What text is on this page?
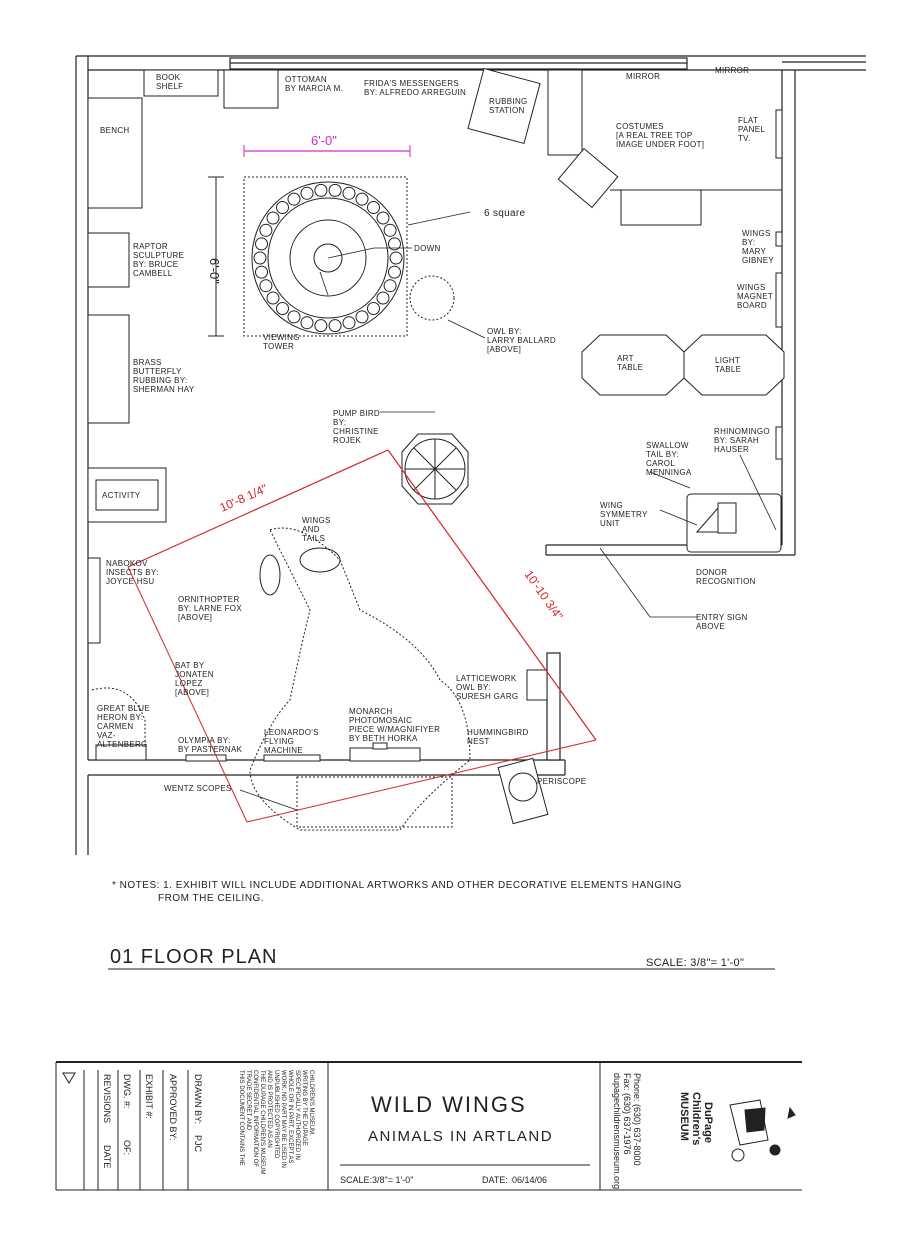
BOOK SHELF
OTTOMAN BY MARCIA M.
FRIDA'S MESSENGERS BY: ALFREDO ARREGUIN
RUBBING STATION
MIRROR
MIRROR
BENCH	COSTUMES [A REAL TREE TOP IMAGE UNDER FOOT]
FLAT PANEL TV.
6 square
DOWN
RAPTOR SCULPTURE BY: BRUCE CAMBELL
WINGS BY: MARY GIBNEY
WINGS MAGNET BOARD
OWL BY: LARRY BALLARD [ABOVE]
VIEWING TOWER
BRASS BUTTERFLY RUBBING BY: SHERMAN HAY
ART TABLE
LIGHT TABLE
PUMP BIRD BY: CHRISTINE ROJEK
RHINOMINGO BY: SARAH HAUSER
SWALLOW TAIL BY: CAROL MENNINGA
ACTIVITY
WING SYMMETRY UNIT
WINGS AND TAILS
NABOKOV INSECTS BY: JOYCE HSU
DONOR RECOGNITION
ORNITHOPTER BY: LARNE FOX [ABOVE]	ENTRY SIGN ABOVE
BAT BY JONATEN LOPEZ [ABOVE]
LATTICEWORK OWL BY: SURESH GARG
GREAT BLUE HERON BY: CARMEN VAZ-ALTENBERG
MONARCH PHOTOMOSAIC PIECE W/MAGNIFIYER BY BETH HORKA
LEONARDO'S FLYING MACHINE
OLYMPIA BY: BY PASTERNAK
HUMMINGBIRD NEST
WENTZ SCOPES
PERISCOPE
6'-0"
6'-0"
10'-8 1/4"
10'-10 3/4"
* NOTES: 1. EXHIBIT WILL INCLUDE ADDITIONAL ARTWORKS AND OTHER DECORATIVE ELEMENTS HANGING
FROM THE CEILING.
01 FLOOR PLAN	SCALE: 3/8"= 1'-0"
REVISIONS
DATE
DWG. #:
OF:
EXHIBIT #: APPROVED BY: DRAWN BY:
PJC	THIS DOCUMENT CONTAINS THETRADE SECRET ANDCONFIDENTIAL INFORMATION OFTHE DUPAGE CHILDREN'S MUSEUMAND IS PROTECTED AS ANUNPUBLISHED COPYRIGHTEDWORK. NO PART MAY BE USED INWHOLE OR IN PART, EXCEPT ASSPECIFICALLY AUTHORIZED INWRITING BY THE DUPAGECHILDREN'S MUSEUM.	WILD WINGS
ANIMALS IN ARTLAND
SCALE: 3/8"= 1'-0"	DATE: 06/14/06
Phone: (630) 637-8000
Fax: (630) 637-1976
dupagechildrensmuseum.org	DuPage
Children's
MUSEUM
